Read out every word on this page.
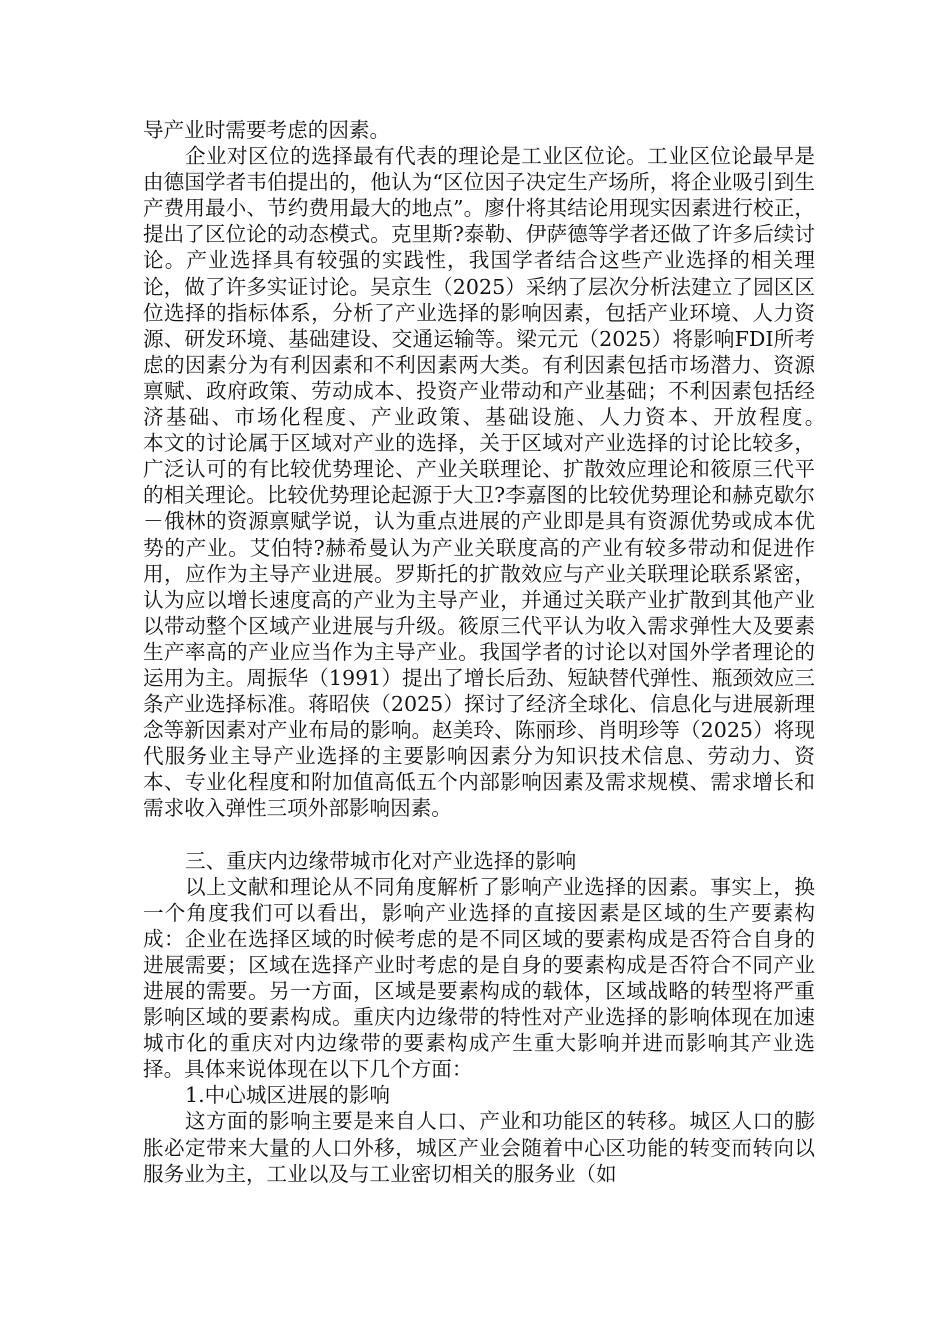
导产业时需要考虑的因素。

企业对区位的选择最有代表的理论是工业区位论。工业区位论最早是由德国学者韦伯提出的，他认为“区位因子决定生产场所，将企业吸引到生产费用最小、节约费用最大的地点”。廖什将其结论用现实因素进行校正，提出了区位论的动态模式。克里斯?泰勒、伊萨德等学者还做了许多后续讨论。产业选择具有较强的实践性，我国学者结合这些产业选择的相关理论，做了许多实证讨论。吴京生（2025）采纳了层次分析法建立了园区区位选择的指标体系，分析了产业选择的影响因素，包括产业环境、人力资源、研发环境、基础建设、交通运输等。梁元元（2025）将影响FDI所考虑的因素分为有利因素和不利因素两大类。有利因素包括市场潜力、资源禀赋、政府政策、劳动成本、投资产业带动和产业基础；不利因素包括经济基础、市场化程度、产业政策、基础设施、人力资本、开放程度。　　　　本文的讨论属于区域对产业的选择，关于区域对产业选择的讨论比较多，广泛认可的有比较优势理论、产业关联理论、扩散效应理论和筱原三代平的相关理论。比较优势理论起源于大卫?李嘉图的比较优势理论和赫克歇尔－俄林的资源禀赋学说，认为重点进展的产业即是具有资源优势或成本优势的产业。艾伯特?赫希曼认为产业关联度高的产业有较多带动和促进作用，应作为主导产业进展。罗斯托的扩散效应与产业关联理论联系紧密，认为应以增长速度高的产业为主导产业，并通过关联产业扩散到其他产业以带动整个区域产业进展与升级。筱原三代平认为收入需求弹性大及要素生产率高的产业应当作为主导产业。我国学者的讨论以对国外学者理论的运用为主。周振华（1991）提出了增长后劲、短缺替代弹性、瓶颈效应三条产业选择标准。蒋昭侠（2025）探讨了经济全球化、信息化与进展新理念等新因素对产业布局的影响。赵美玲、陈丽珍、肖明珍等（2025）将现代服务业主导产业选择的主要影响因素分为知识技术信息、劳动力、资本、专业化程度和附加值高低五个内部影响因素及需求规模、需求增长和需求收入弹性三项外部影响因素。

三、重庆内边缘带城市化对产业选择的影响

以上文献和理论从不同角度解析了影响产业选择的因素。事实上，换一个角度我们可以看出，影响产业选择的直接因素是区域的生产要素构成：企业在选择区域的时候考虑的是不同区域的要素构成是否符合自身的进展需要；区域在选择产业时考虑的是自身的要素构成是否符合不同产业进展的需要。另一方面，区域是要素构成的载体，区域战略的转型将严重影响区域的要素构成。重庆内边缘带的特性对产业选择的影响体现在加速城市化的重庆对内边缘带的要素构成产生重大影响并进而影响其产业选择。具体来说体现在以下几个方面：

1.中心城区进展的影响

这方面的影响主要是来自人口、产业和功能区的转移。城区人口的膨胀必定带来大量的人口外移，城区产业会随着中心区功能的转变而转向以服务业为主，工业以及与工业密切相关的服务业（如
